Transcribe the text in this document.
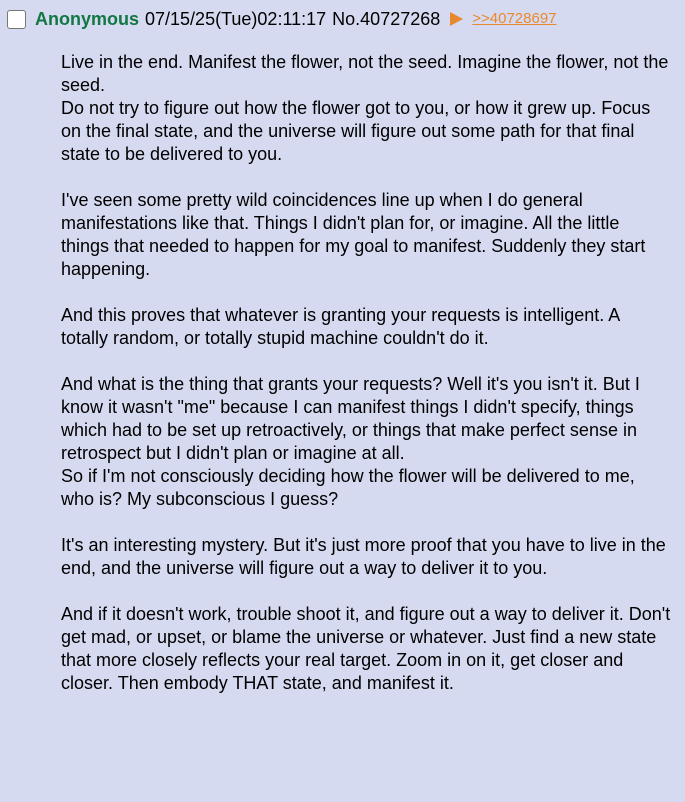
Anonymous 07/15/25(Tue)02:11:17 No.40727268 >>40728697

Live in the end. Manifest the flower, not the seed. Imagine the flower, not the seed.
Do not try to figure out how the flower got to you, or how it grew up. Focus on the final state, and the universe will figure out some path for that final state to be delivered to you.

I've seen some pretty wild coincidences line up when I do general manifestations like that. Things I didn't plan for, or imagine. All the little things that needed to happen for my goal to manifest. Suddenly they start happening.

And this proves that whatever is granting your requests is intelligent. A totally random, or totally stupid machine couldn't do it.

And what is the thing that grants your requests? Well it's you isn't it. But I know it wasn't "me" because I can manifest things I didn't specify, things which had to be set up retroactively, or things that make perfect sense in retrospect but I didn't plan or imagine at all.
So if I'm not consciously deciding how the flower will be delivered to me, who is? My subconscious I guess?

It's an interesting mystery. But it's just more proof that you have to live in the end, and the universe will figure out a way to deliver it to you.

And if it doesn't work, trouble shoot it, and figure out a way to deliver it. Don't get mad, or upset, or blame the universe or whatever. Just find a new state that more closely reflects your real target. Zoom in on it, get closer and closer. Then embody THAT state, and manifest it.
